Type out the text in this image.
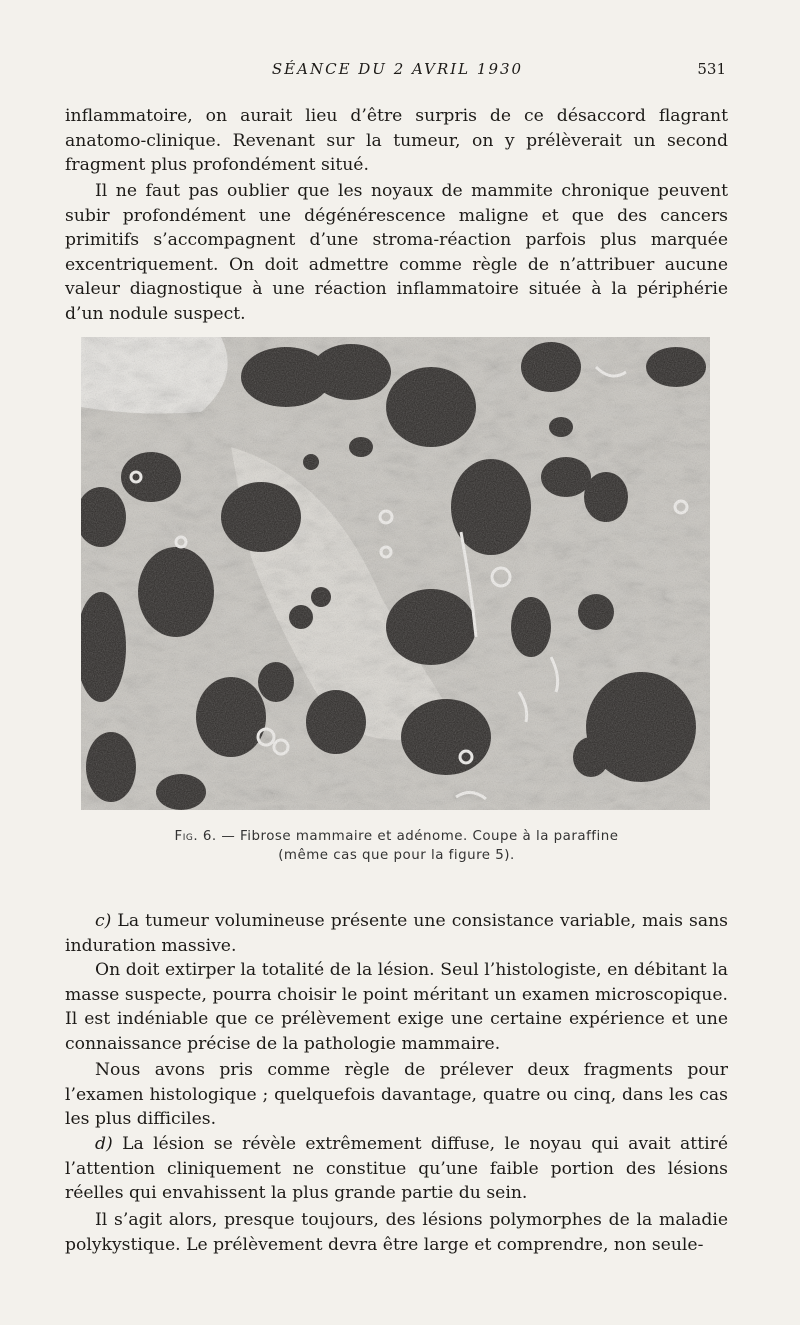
SÉANCE DU 2 AVRIL 1930	531

inflammatoire, on aurait lieu d’être surpris de ce désaccord flagrant anatomo-clinique. Revenant sur la tumeur, on y prélèverait un second fragment plus profondément situé.

Il ne faut pas oublier que les noyaux de mammite chronique peuvent subir profondément une dégénérescence maligne et que des cancers primitifs s’accompagnent d’une stroma-réaction parfois plus marquée excentriquement. On doit admettre comme règle de n’attribuer aucune valeur diagnostique à une réaction inflammatoire située à la périphérie d’un nodule suspect.

Fig. 6. — Fibrose mammaire et adénome. Coupe à la paraffine
(même cas que pour la figure 5).

c) La tumeur volumineuse présente une consistance variable, mais sans induration massive.

On doit extirper la totalité de la lésion. Seul l’histologiste, en débitant la masse suspecte, pourra choisir le point méritant un examen microscopique. Il est indéniable que ce prélèvement exige une certaine expérience et une connaissance précise de la pathologie mammaire.

Nous avons pris comme règle de prélever deux fragments pour l’examen histologique ; quelquefois davantage, quatre ou cinq, dans les cas les plus difficiles.

d) La lésion se révèle extrêmement diffuse, le noyau qui avait attiré l’attention cliniquement ne constitue qu’une faible portion des lésions réelles qui envahissent la plus grande partie du sein.

Il s’agit alors, presque toujours, des lésions polymorphes de la maladie polykystique. Le prélèvement devra être large et comprendre, non seule-
